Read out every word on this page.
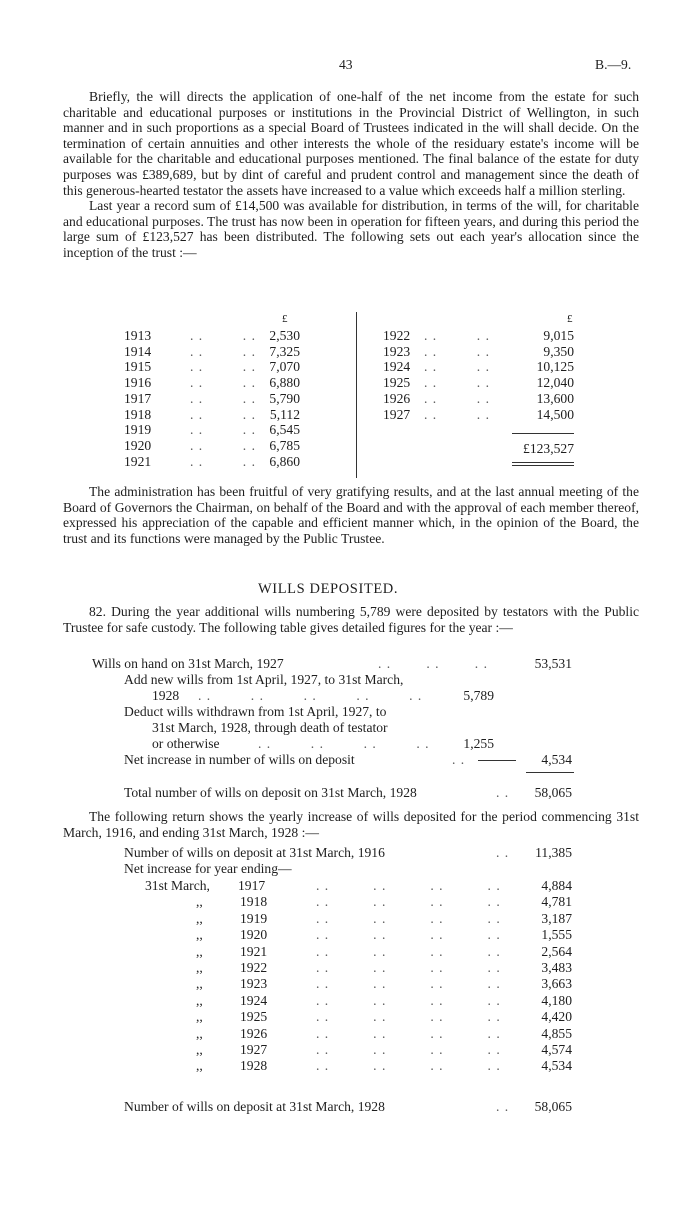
43	B.—9.

Briefly, the will directs the application of one-half of the net income from the estate for such charitable and educational purposes or institutions in the Provincial District of Wellington, in such manner and in such proportions as a special Board of Trustees indicated in the will shall decide. On the termination of certain annuities and other interests the whole of the residuary estate's income will be available for the charitable and educational purposes mentioned. The final balance of the estate for duty purposes was £389,689, but by dint of careful and prudent control and management since the death of this generous-hearted testator the assets have increased to a value which exceeds half a million sterling.

Last year a record sum of £14,500 was available for distribution, in terms of the will, for charitable and educational purposes. The trust has now been in operation for fifteen years, and during this period the large sum of £123,527 has been distributed. The following sets out each year's allocation since the inception of the trust :—

£	£
1913	. .         . . 2,530
1914	. .         . . 7,325
1915	. .         . . 7,070
1916	. .         . . 6,880
1917	. .         . . 5,790
1918	. .         . .	5,112
1919	. .         . . 6,545
1920	. .         . . 6,785
1921	. .         . . 6,860
1922 . .         . .	9,015
1923 . .         . .	9,350
1924 . .         . .	10,125
1925 . .         . .	12,040
1926 . .         . .	13,600
1927 . .         . .	14,500
£123,527

The administration has been fruitful of very gratifying results, and at the last annual meeting of the Board of Governors the Chairman, on behalf of the Board and with the approval of each member thereof, expressed his appreciation of the capable and efficient manner which, in the opinion of the Board, the trust and its functions were managed by the Public Trustee.

WILLS DEPOSITED.

82. During the year additional wills numbering 5,789 were deposited by testators with the Public Trustee for safe custody. The following table gives detailed figures for the year :—

Wills on hand on 31st March, 1927	. .        . .        . .	53,531
Add new wills from 1st April, 1927, to 31st March,
1928 . .         . .         . .         . .         . .	5,789
Deduct wills withdrawn from 1st April, 1927, to
31st March, 1928, through death of testator
or otherwise	. .         . .         . .         . .	1,255
Net increase in number of wills on deposit	. .	4,534
Total number of wills on deposit on 31st March, 1928	. .	58,065

The following return shows the yearly increase of wills deposited for the period commencing 31st March, 1916, and ending 31st March, 1928 :—

Number of wills on deposit at 31st March, 1916	. .	11,385
Net increase for year ending—
31st March, 1917	. .          . .          . .          . .	4,884
,,	1918	. .          . .          . .          . .	4,781
,,	1919	. .          . .          . .          . .	3,187
,,	1920	. .          . .          . .          . .	1,555
,,	1921	. .          . .          . .          . .	2,564
,,	1922	. .          . .          . .          . .	3,483
,,	1923	. .          . .          . .          . .	3,663
,,	1924	. .          . .          . .          . .	4,180
,,	1925	. .          . .          . .          . .	4,420
,,	1926	. .          . .          . .          . .	4,855
,,	1927	. .          . .          . .          . .	4,574
,,	1928	. .          . .          . .          . .	4,534
Number of wills on deposit at 31st March, 1928	. .	58,065
